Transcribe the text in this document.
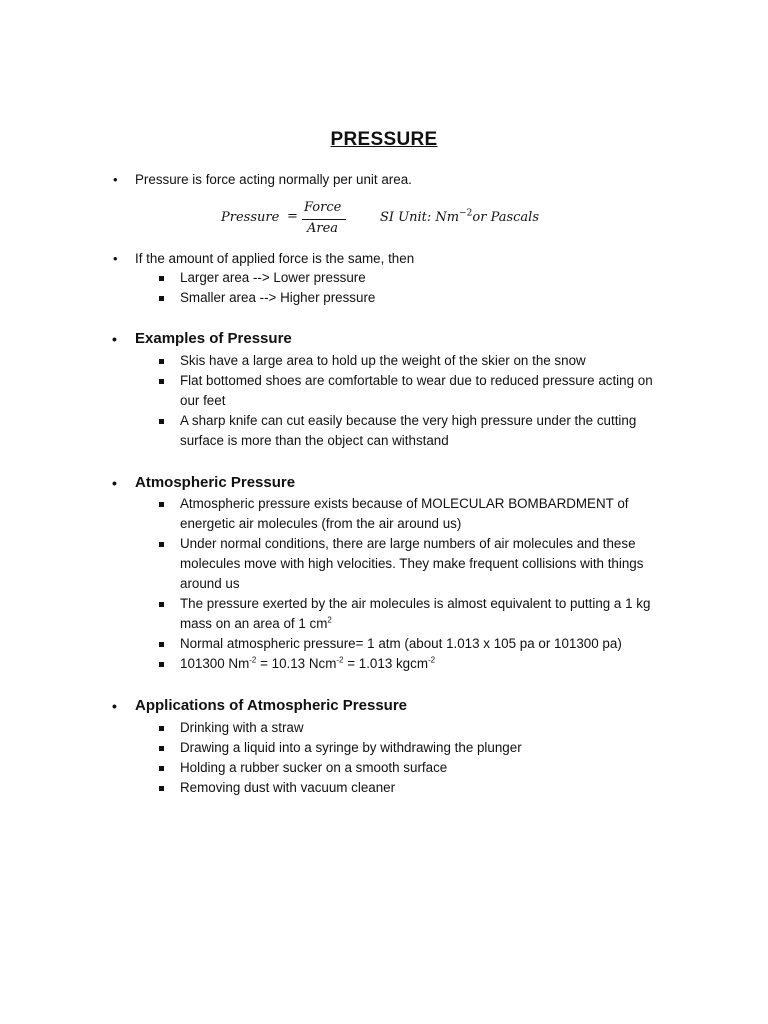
PRESSURE
• Pressure is force acting normally per unit area.
Pressure =
Force
Area
SI Unit: $Nm^{-2}or$ Pascals
• If the amount of applied force is the same, then
Larger area --> Lower pressure
Smaller area --> Higher pressure
• Examples of Pressure
Skis have a large area to hold up the weight of the skier on the snow
Flat bottomed shoes are comfortable to wear due to reduced pressure acting on
our feet
A sharp knife can cut easily because the very high pressure under the cutting
surface is more than the object can withstand
• Atmospheric Pressure
Atmospheric pressure exists because of MOLECULAR BOMBARDMENT of
energetic air molecules (from the air around us)
Under normal conditions, there are large numbers of air molecules and these
molecules move with high velocities. They make frequent collisions with things
around us
The pressure exerted by the air molecules is almost equivalent to putting a 1 kg
mass on an area of 1 $cm^2$
Normal atmospheric pressure= 1 atm (about 1.013 x 105 pa or 101300 pa)
101300 $Nm^{-2} = 10.13$ Ncm$^{-2}$ = 1.013 kgcm$^{-2}$
• Applications of Atmospheric Pressure
Drinking with a straw
Drawing a liquid into a syringe by withdrawing the plunger
Holding a rubber sucker on a smooth surface
Removing dust with vacuum cleaner
